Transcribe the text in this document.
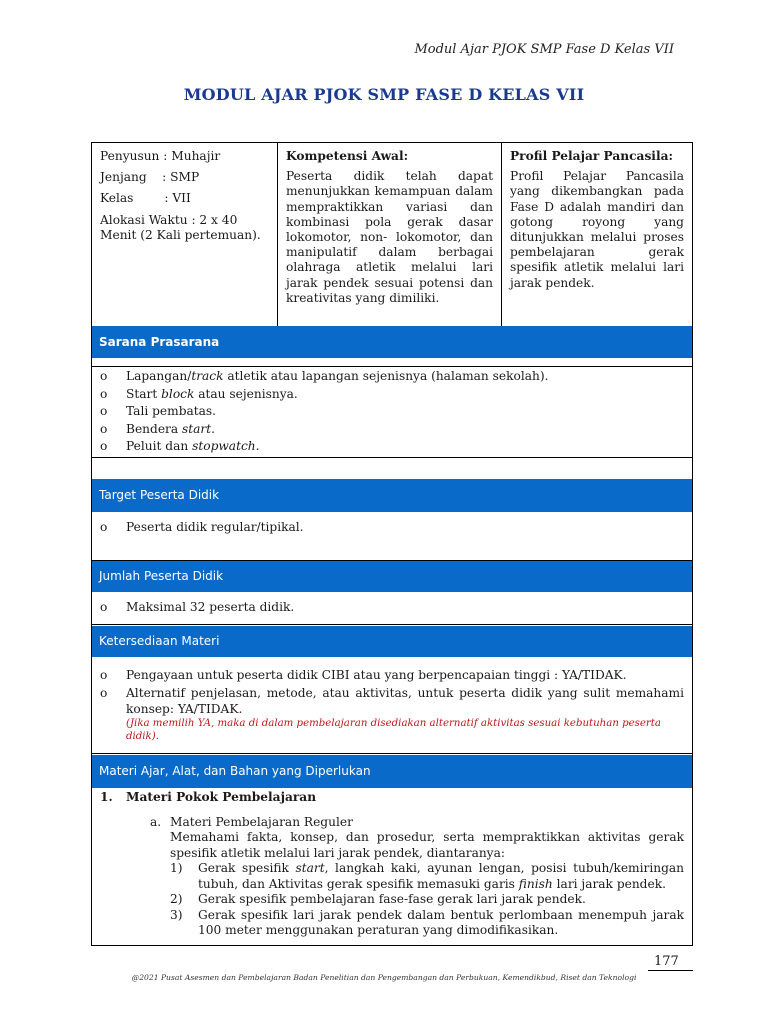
Modul Ajar PJOK SMP Fase D Kelas VII
MODUL AJAR PJOK SMP FASE D KELAS VII

Penyusun : Muhajir

Jenjang    : SMP

Kelas        : VII

Alokasi Waktu : 2 x 40 Menit (2 Kali pertemuan).

Kompetensi Awal:
Peserta didik telah dapat menunjukkan kemampuan dalam mempraktikkan variasi dan kombinasi pola gerak dasar lokomotor, non- lokomotor, dan manipulatif dalam berbagai olahraga atletik melalui lari jarak pendek sesuai potensi dan kreativitas yang dimiliki.
Profil Pelajar Pancasila:
Profil Pelajar Pancasila yang dikembangkan pada Fase D adalah mandiri dan gotong royong yang ditunjukkan melalui proses pembelajaran gerak spesifik atletik melalui lari jarak pendek.
Sarana Prasarana
o Lapangan/track atletik atau lapangan sejenisnya (halaman sekolah).
o Start block atau sejenisnya.
o Tali pembatas.
o Bendera start.
o Peluit dan stopwatch.
Target Peserta Didik
o Peserta didik regular/tipikal.
Jumlah Peserta Didik
o Maksimal 32 peserta didik.
Ketersediaan Materi
o Pengayaan untuk peserta didik CIBI atau yang berpencapaian tinggi : YA/TIDAK.
o Alternatif penjelasan, metode, atau aktivitas, untuk peserta didik yang sulit memahami konsep: YA/TIDAK.
(Jika memilih YA, maka di dalam pembelajaran disediakan alternatif aktivitas sesuai kebutuhan peserta didik).
Materi Ajar, Alat, dan Bahan yang Diperlukan
1. Materi Pokok Pembelajaran
a. Materi Pembelajaran Reguler
Memahami fakta, konsep, dan prosedur, serta mempraktikkan aktivitas gerak spesifik atletik melalui lari jarak pendek, diantaranya:
1) Gerak spesifik start, langkah kaki, ayunan lengan, posisi tubuh/kemiringan tubuh, dan Aktivitas gerak spesifik memasuki garis finish lari jarak pendek.
2) Gerak spesifik pembelajaran fase-fase gerak lari jarak pendek.
3) Gerak spesifik lari jarak pendek dalam bentuk perlombaan menempuh jarak 100 meter menggunakan peraturan yang dimodifikasikan.
177
@2021 Pusat Asesmen dan Pembelajaran Badan Penelitian dan Pengembangan dan Perbukuan, Kemendikbud, Riset dan Teknologi
